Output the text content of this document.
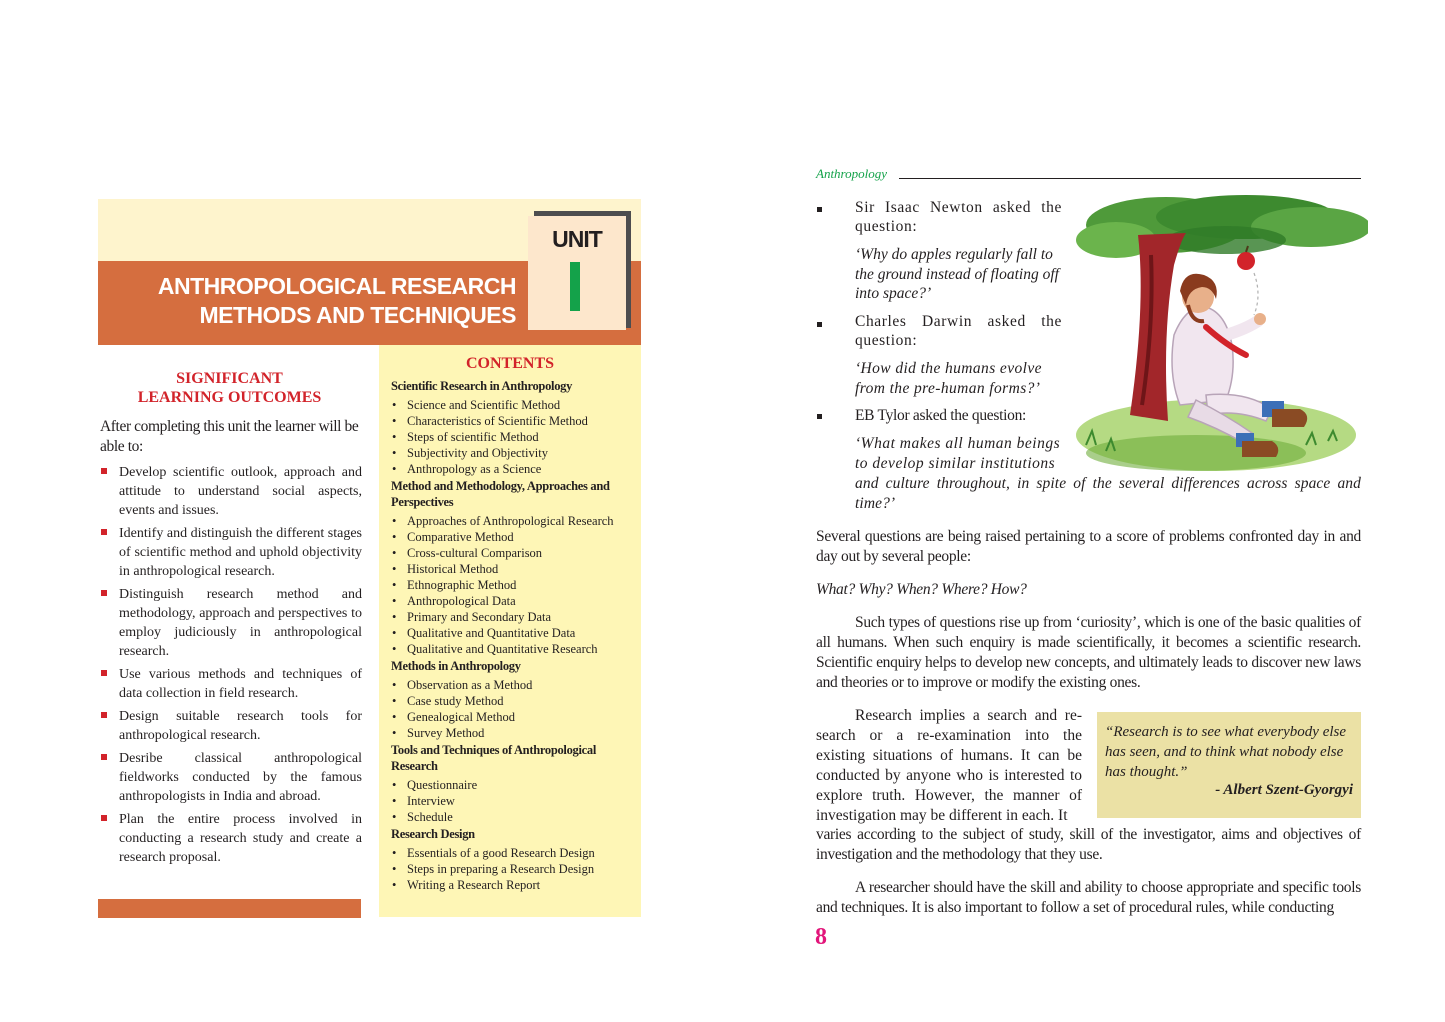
UNIT
ANTHROPOLOGICAL RESEARCH
METHODS AND TECHNIQUES
SIGNIFICANT
LEARNING OUTCOMES
After completing this unit the learner will be able to:
Develop scientific outlook, approach and attitude to understand social aspects, events and issues.
Identify and distinguish the different stages of scientific method and uphold objectivity in anthropological research.
Distinguish research method and methodology, approach and perspectives to employ judiciously in anthropological research.
Use various methods and techniques of data collection in field research.
Design suitable research tools for anthropological research.
Desribe classical anthropological fieldworks conducted by the famous anthropologists in India and abroad.
Plan the entire process involved in conducting a research study and create a research proposal.
CONTENTS
Scientific Research in Anthropology
• Science and Scientific Method
• Characteristics of Scientific Method
• Steps of scientific Method
• Subjectivity and Objectivity
• Anthropology as a Science
Method and Methodology, Approaches and Perspectives
• Approaches of Anthropological Research
• Comparative Method
• Cross-cultural Comparison
• Historical Method
• Ethnographic Method
• Anthropological Data
• Primary and Secondary Data
• Qualitative and Quantitative Data
• Qualitative and Quantitative Research
Methods in Anthropology
• Observation as a Method
• Case study Method
• Genealogical Method
• Survey Method
Tools and Techniques of Anthropological Research
• Questionnaire
• Interview
• Schedule
Research Design
• Essentials of a good Research Design
• Steps in preparing a Research Design
• Writing a Research Report
Anthropology
Sir Isaac Newton asked the question:
‘Why do apples regularly fall to the ground instead of floating off into space?’
Charles Darwin asked the question:
‘How did the humans evolve from the pre-human forms?’
EB Tylor asked the question:
‘What makes all human beings
to develop similar institutions
and culture throughout, in spite of the several differences across space and time?’
Several questions are being raised pertaining to a score of problems confronted day in and day out by several people:
What? Why? When? Where? How?
Such types of questions rise up from ‘curiosity’, which is one of the basic qualities of all humans. When such enquiry is made scientifically, it becomes a scientific research. Scientific enquiry helps to develop new concepts, and ultimately leads to discover new laws and theories or to improve or modify the existing ones.
Research implies a search and re-search or a re-examination into the existing situations of humans. It can be conducted by anyone who is interested to explore truth. However, the manner of investigation may be different in each. It
varies according to the subject of study, skill of the investigator, aims and objectives of investigation and the methodology that they use.
A researcher should have the skill and ability to choose appropriate and specific tools and techniques. It is also important to follow a set of procedural rules, while conducting
“Research is to see what everybody else has seen, and to think what nobody else has thought.”
- Albert Szent-Gyorgyi
8
